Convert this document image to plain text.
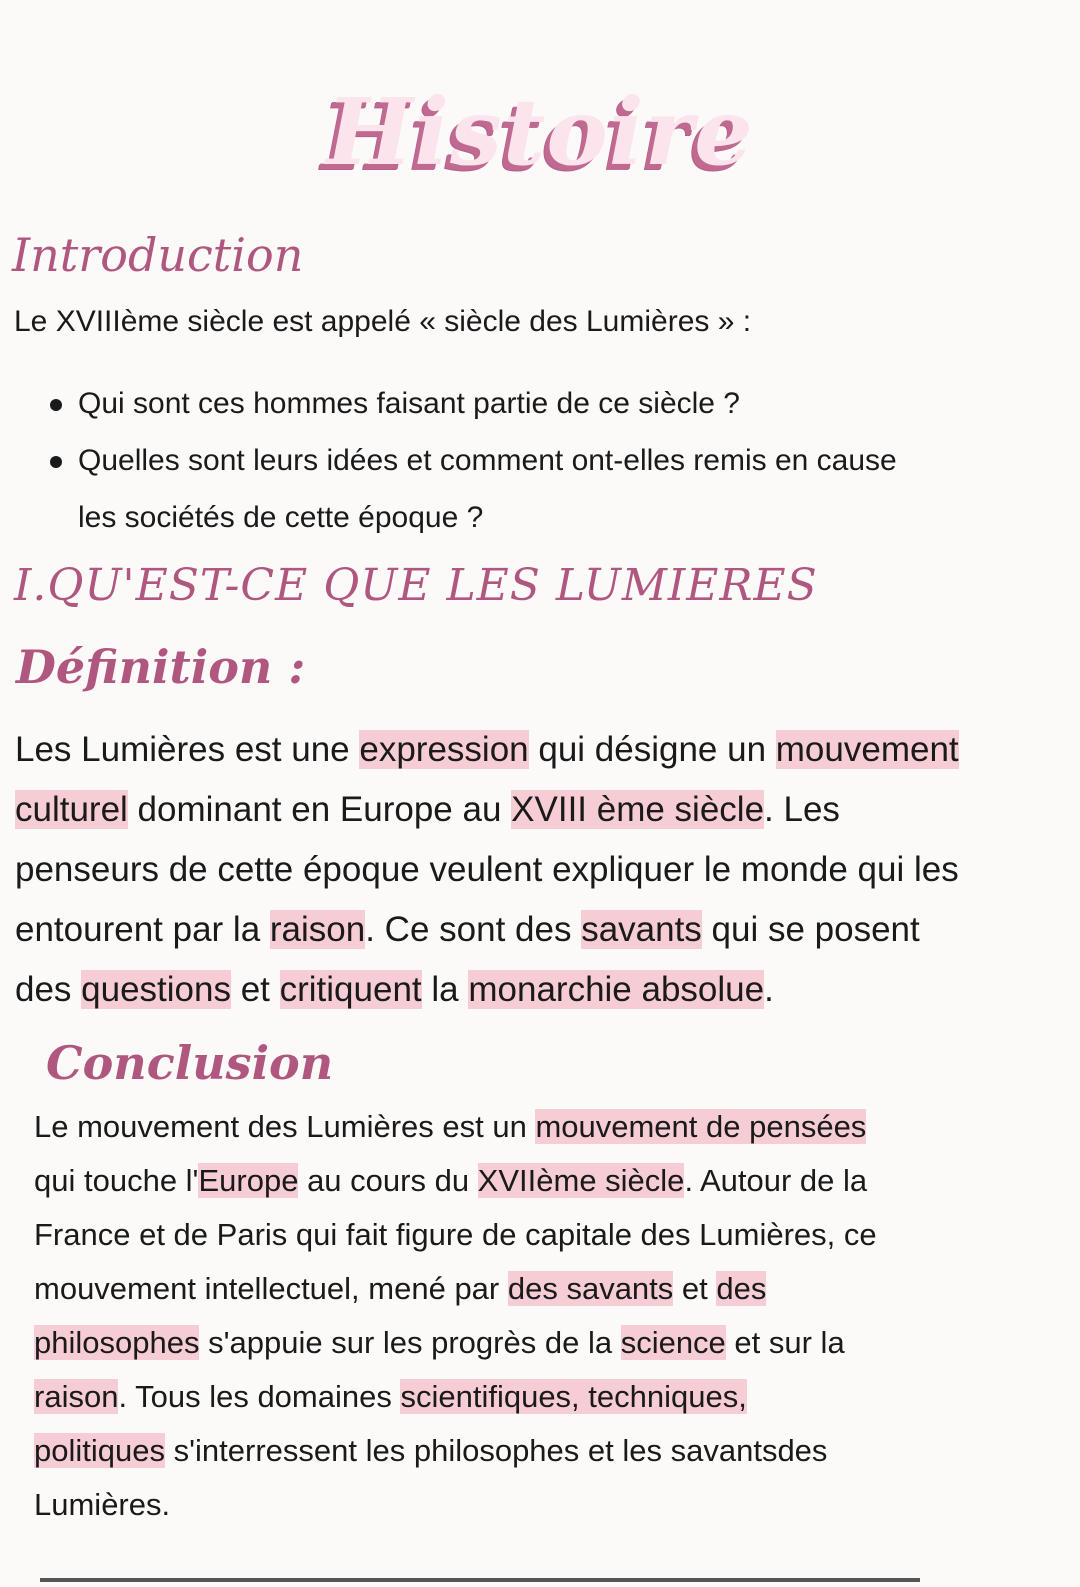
Histoire
Introduction
Le XVIIIème siècle est appelé « siècle des Lumières » :
Qui sont ces hommes faisant partie de ce siècle ?
Quelles sont leurs idées et comment ont-elles remis en cause
les sociétés de cette époque ?
I.QU'EST-CE QUE LES LUMIERES
Définition :
Les Lumières est une expression qui désigne un mouvement
culturel dominant en Europe au XVIII ème siècle. Les
penseurs de cette époque veulent expliquer le monde qui les
entourent par la raison. Ce sont des savants qui se posent
des questions et critiquent la monarchie absolue.
Conclusion
Le mouvement des Lumières est un mouvement de pensées
qui touche l'Europe au cours du XVIIème siècle. Autour de la
France et de Paris qui fait figure de capitale des Lumières, ce
mouvement intellectuel, mené par des savants et des
philosophes s'appuie sur les progrès de la science et sur la
raison. Tous les domaines scientifiques, techniques,
politiques s'interressent les philosophes et les savantsdes
Lumières.
